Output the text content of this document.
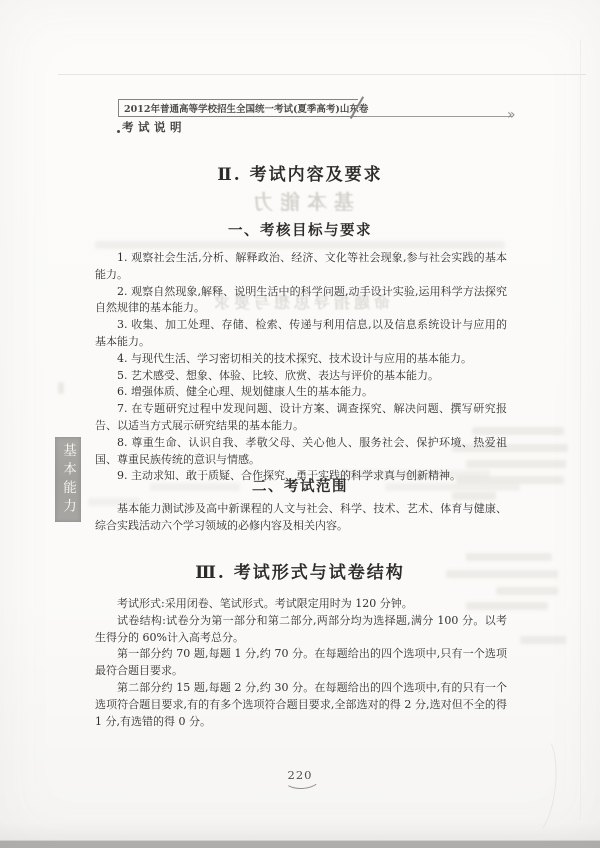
基本能力
命题指导思想与要求
2012年普通高等学校招生全国统一考试(夏季高考)山东卷	»
考试说明
Ⅱ. 考试内容及要求
一、考核目标与要求

1. 观察社会生活,分析、解释政治、经济、文化等社会现象,参与社会实践的基本能力。

2. 观察自然现象,解释、说明生活中的科学问题,动手设计实验,运用科学方法探究自然规律的基本能力。

3. 收集、加工处理、存储、检索、传递与利用信息,以及信息系统设计与应用的基本能力。

4. 与现代生活、学习密切相关的技术探究、技术设计与应用的基本能力。

5. 艺术感受、想象、体验、比较、欣赏、表达与评价的基本能力。

6. 增强体质、健全心理、规划健康人生的基本能力。

7. 在专题研究过程中发现问题、设计方案、调查探究、解决问题、撰写研究报告、以适当方式展示研究结果的基本能力。

8. 尊重生命、认识自我、孝敬父母、关心他人、服务社会、保护环境、热爱祖国、尊重民族传统的意识与情感。

9. 主动求知、敢于质疑、合作探究、勇于实践的科学求真与创新精神。

基本能力	二、考试范围

基本能力测试涉及高中新课程的人文与社会、科学、技术、艺术、体育与健康、综合实践活动六个学习领域的必修内容及相关内容。

Ⅲ. 考试形式与试卷结构

考试形式:采用闭卷、笔试形式。考试限定用时为 120 分钟。

试卷结构:试卷分为第一部分和第二部分,两部分均为选择题,满分 100 分。以考生得分的 60%计入高考总分。

第一部分约 70 题,每题 1 分,约 70 分。在每题给出的四个选项中,只有一个选项最符合题目要求。

第二部分约 15 题,每题 2 分,约 30 分。在每题给出的四个选项中,有的只有一个选项符合题目要求,有的有多个选项符合题目要求,全部选对的得 2 分,选对但不全的得 1 分,有选错的得 0 分。

220
